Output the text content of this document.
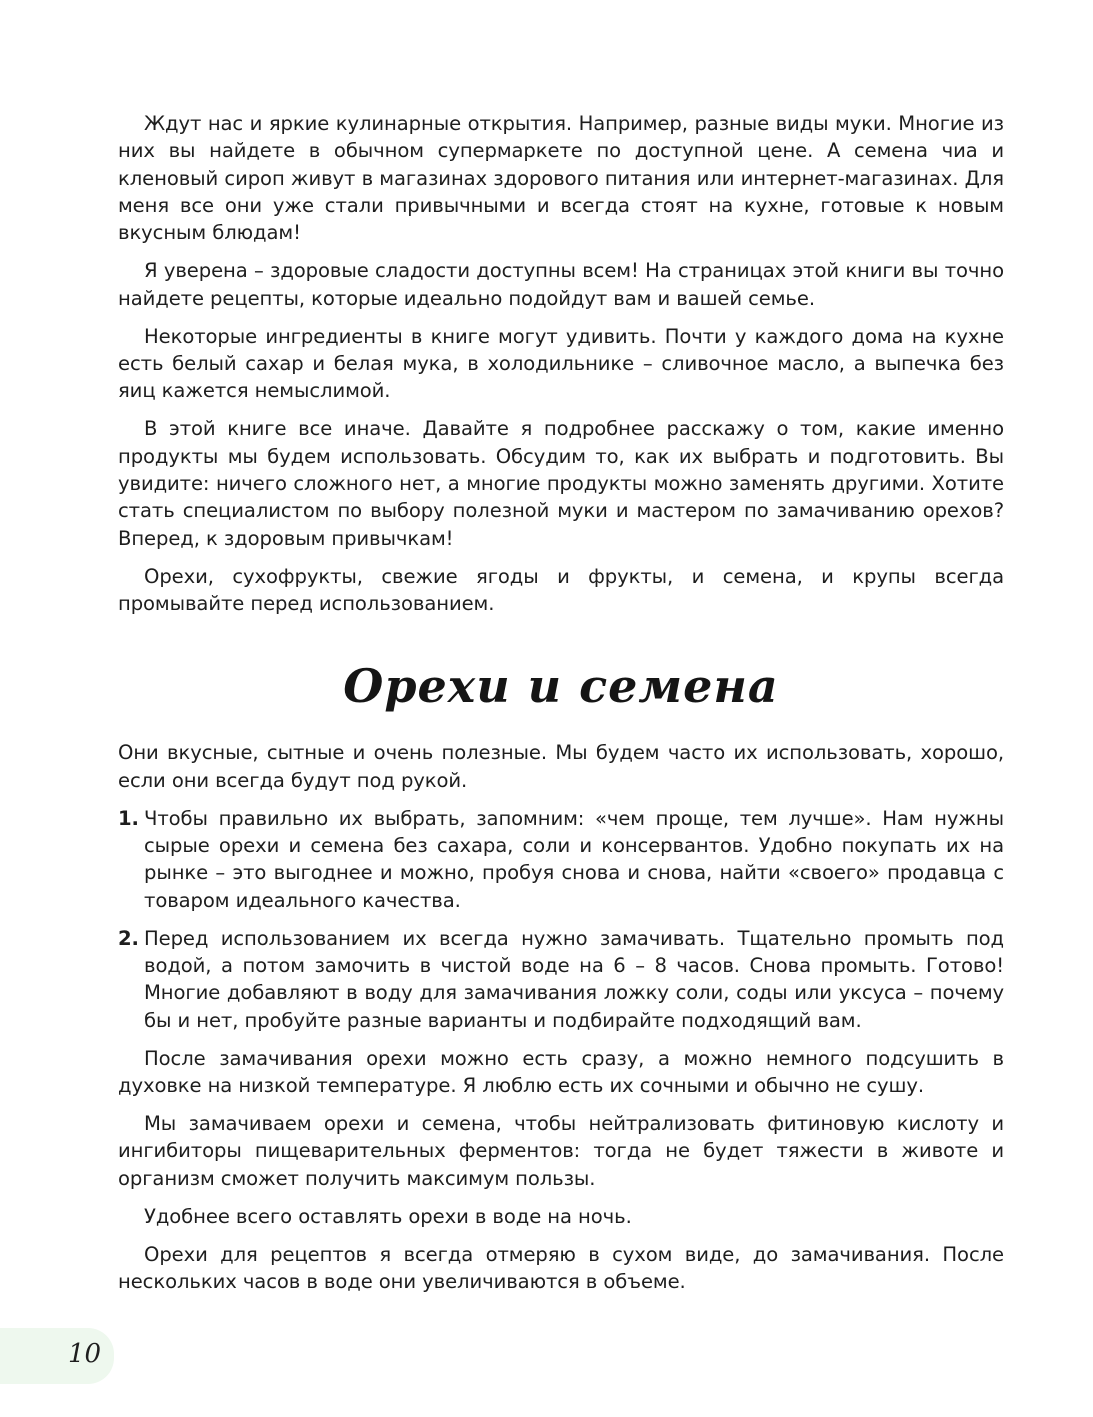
Ждут нас и яркие кулинарные открытия. Например, разные виды муки. Многие из них вы найдете в обычном супермаркете по доступной цене. А семена чиа и кленовый сироп живут в магазинах здорового питания или интернет-магазинах. Для меня все они уже стали привычными и всегда стоят на кухне, готовые к новым вкусным блюдам!

Я уверена – здоровые сладости доступны всем! На страницах этой книги вы точно найдете рецепты, которые идеально подойдут вам и вашей семье.

Некоторые ингредиенты в книге могут удивить. Почти у каждого дома на кухне есть белый сахар и белая мука, в холодильнике – сливочное масло, а выпечка без яиц кажется немыслимой.

В этой книге все иначе. Давайте я подробнее расскажу о том, какие именно продукты мы будем использовать. Обсудим то, как их выбрать и подготовить. Вы увидите: ничего сложного нет, а многие продукты можно заменять другими. Хотите стать специалистом по выбору полезной муки и мастером по замачиванию орехов? Вперед, к здоровым привычкам!

Орехи, сухофрукты, свежие ягоды и фрукты, и семена, и крупы всегда промывайте перед использованием.

Орехи и семена

Они вкусные, сытные и очень полезные. Мы будем часто их использовать, хорошо, если они всегда будут под рукой.

1. Чтобы правильно их выбрать, запомним: «чем проще, тем лучше». Нам нужны сырые орехи и семена без сахара, соли и консервантов. Удобно покупать их на рынке – это выгоднее и можно, пробуя снова и снова, найти «своего» продавца с товаром идеального качества.
2. Перед использованием их всегда нужно замачивать. Тщательно промыть под водой, а потом замочить в чистой воде на 6 – 8 часов. Снова промыть. Готово! Многие добавляют в воду для замачивания ложку соли, соды или уксуса – почему бы и нет, пробуйте разные варианты и подбирайте подходящий вам.

После замачивания орехи можно есть сразу, а можно немного подсушить в духовке на низкой температуре. Я люблю есть их сочными и обычно не сушу.

Мы замачиваем орехи и семена, чтобы нейтрализовать фитиновую кислоту и ингибиторы пищеварительных ферментов: тогда не будет тяжести в животе и организм сможет получить максимум пользы.

Удобнее всего оставлять орехи в воде на ночь.

Орехи для рецептов я всегда отмеряю в сухом виде, до замачивания. После нескольких часов в воде они увеличиваются в объеме.

10
